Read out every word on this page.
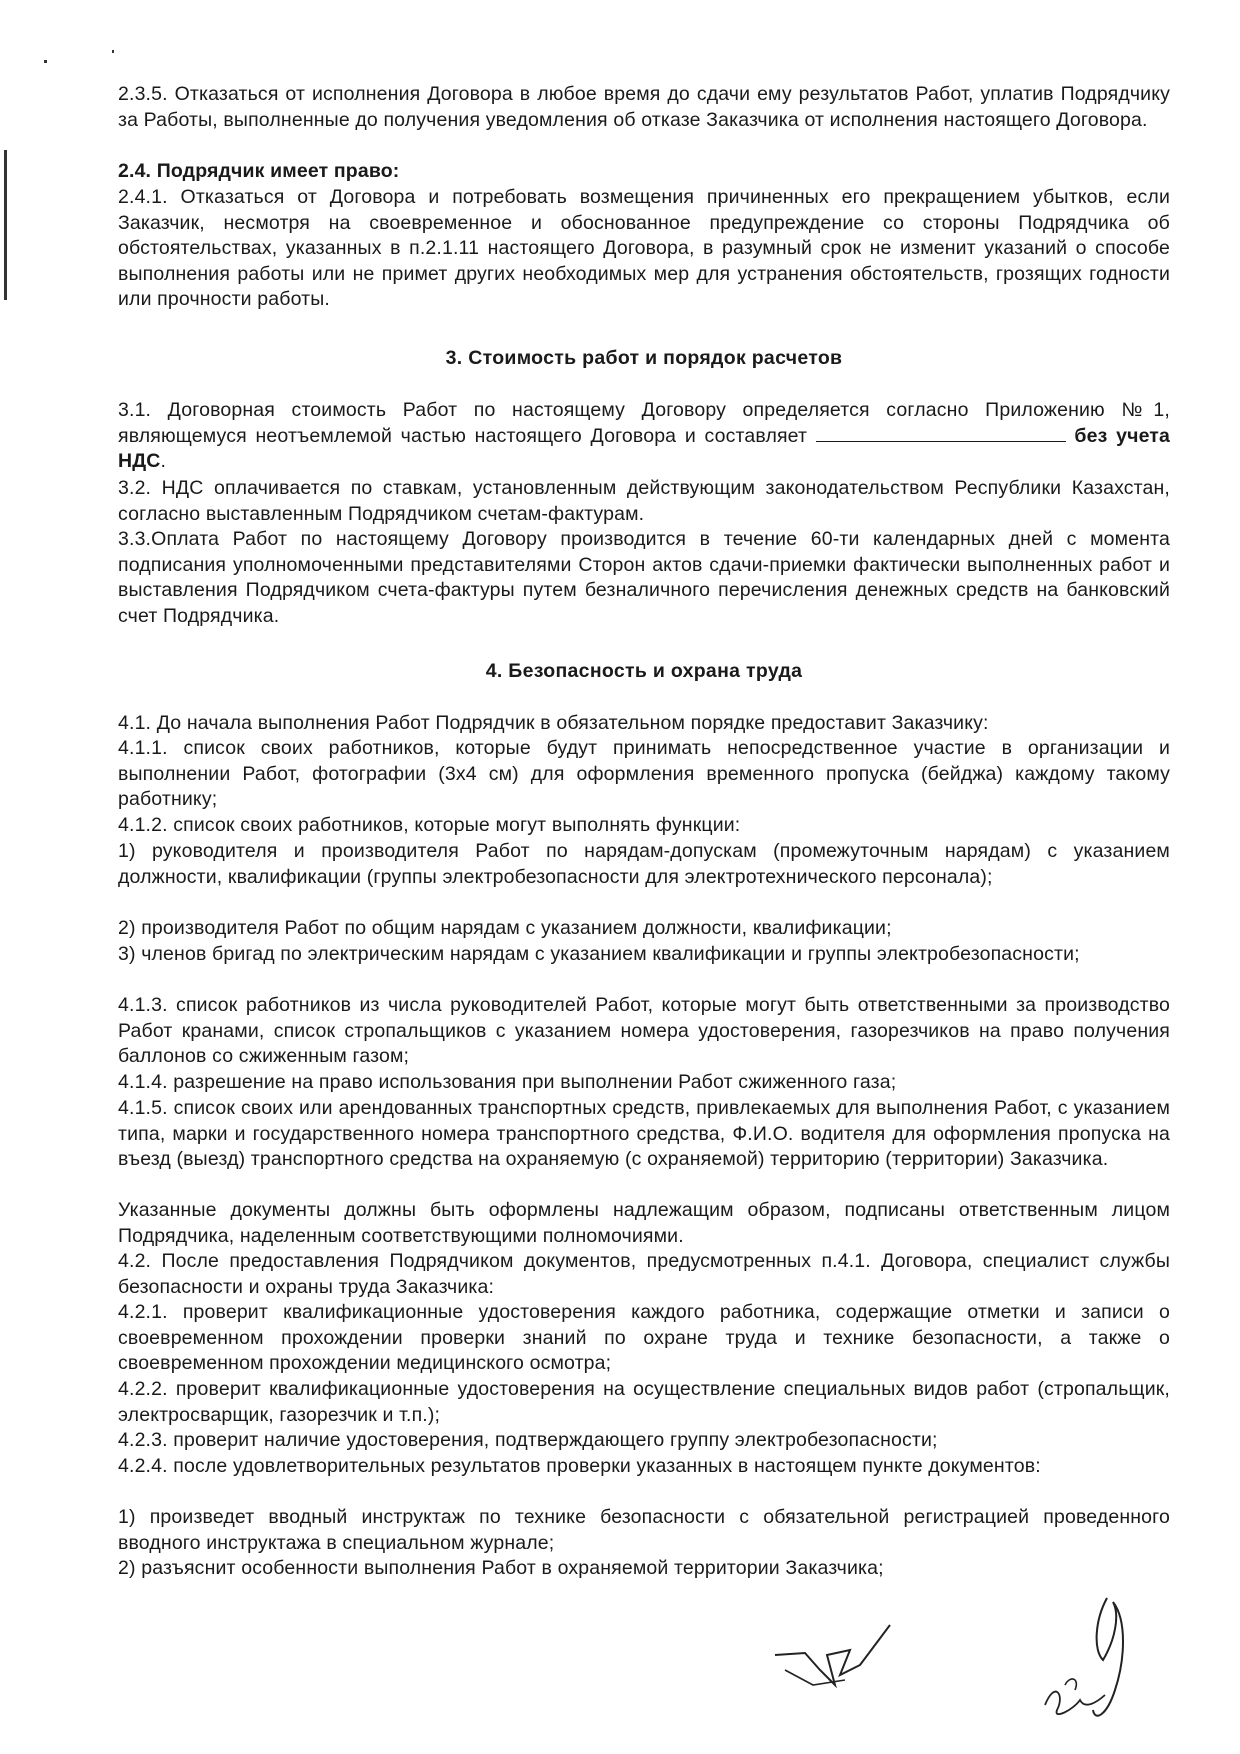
2.3.5. Отказаться от исполнения Договора в любое время до сдачи ему результатов Работ, уплатив Подрядчику за Работы, выполненные до получения уведомления об отказе Заказчика от исполнения настоящего Договора.

2.4. Подрядчик имеет право:

2.4.1. Отказаться от Договора и потребовать возмещения причиненных его прекращением убытков, если Заказчик, несмотря на своевременное и обоснованное предупреждение со стороны Подрядчика об обстоятельствах, указанных в п.2.1.11 настоящего Договора, в разумный срок не изменит указаний о способе выполнения работы или не примет других необходимых мер для устранения обстоятельств, грозящих годности или прочности работы.

3. Стоимость работ и порядок расчетов

3.1. Договорная стоимость Работ по настоящему Договору определяется согласно Приложению №1, являющемуся неотъемлемой частью настоящего Договора и составляет	без учета НДС.

3.2. НДС оплачивается по ставкам, установленным действующим законодательством Республики Казахстан, согласно выставленным Подрядчиком счетам-фактурам.

3.3.Оплата Работ по настоящему Договору производится в течение 60-ти календарных дней с момента подписания уполномоченными представителями Сторон актов сдачи-приемки фактически выполненных работ и выставления Подрядчиком счета-фактуры путем безналичного перечисления денежных средств на банковский счет Подрядчика.

4. Безопасность и охрана труда

4.1. До начала выполнения Работ Подрядчик в обязательном порядке предоставит Заказчику:

4.1.1. список своих работников, которые будут принимать непосредственное участие в организации и выполнении Работ, фотографии (3х4 см) для оформления временного пропуска (бейджа) каждому такому работнику;

4.1.2. список своих работников, которые могут выполнять функции:

1) руководителя и производителя Работ по нарядам-допускам (промежуточным нарядам) с указанием должности, квалификации (группы электробезопасности для электротехнического персонала);

2) производителя Работ по общим нарядам с указанием должности, квалификации;

3) членов бригад по электрическим нарядам с указанием квалификации и группы электробезопасности;

4.1.3. список работников из числа руководителей Работ, которые могут быть ответственными за производство Работ кранами, список стропальщиков с указанием номера удостоверения, газорезчиков на право получения баллонов со сжиженным газом;

4.1.4. разрешение на право использования при выполнении Работ сжиженного газа;

4.1.5. список своих или арендованных транспортных средств, привлекаемых для выполнения Работ, с указанием типа, марки и государственного номера транспортного средства, Ф.И.О. водителя для оформления пропуска на въезд (выезд) транспортного средства на охраняемую (с охраняемой) территорию (территории) Заказчика.

Указанные документы должны быть оформлены надлежащим образом, подписаны ответственным лицом Подрядчика, наделенным соответствующими полномочиями.

4.2. После предоставления Подрядчиком документов, предусмотренных п.4.1. Договора, специалист службы безопасности и охраны труда Заказчика:

4.2.1. проверит квалификационные удостоверения каждого работника, содержащие отметки и записи о своевременном прохождении проверки знаний по охране труда и технике безопасности, а также о своевременном прохождении медицинского осмотра;

4.2.2. проверит квалификационные удостоверения на осуществление специальных видов работ (стропальщик, электросварщик, газорезчик и т.п.);

4.2.3. проверит наличие удостоверения, подтверждающего группу электробезопасности;

4.2.4. после удовлетворительных результатов проверки указанных в настоящем пункте документов:

1) произведет вводный инструктаж по технике безопасности с обязательной регистрацией проведенного вводного инструктажа в специальном журнале;

2) разъяснит особенности выполнения Работ в охраняемой территории Заказчика;
